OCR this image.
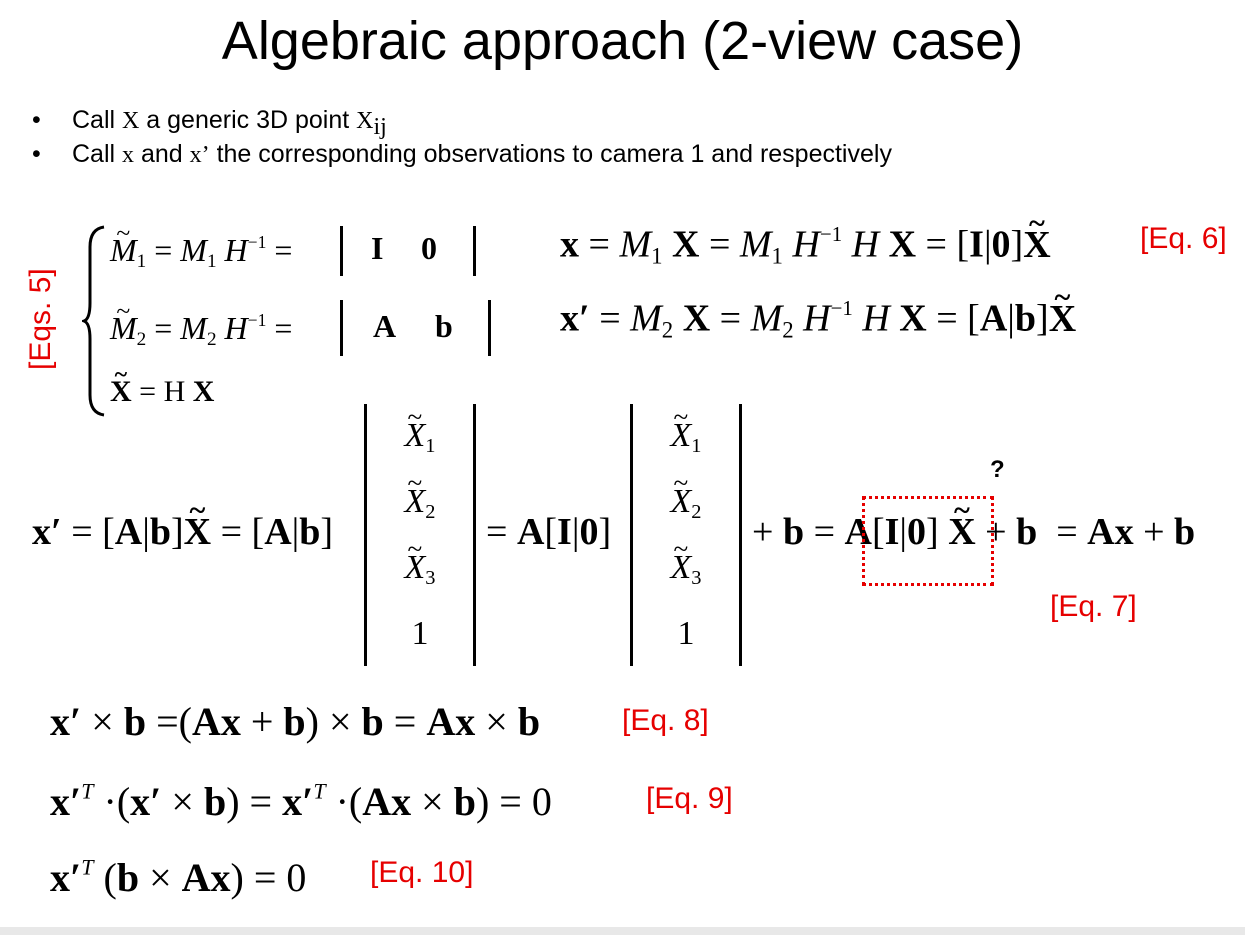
Algebraic approach (2-view case)
• Call X a generic 3D point $X_{ij}$
• Call x and x’ the corresponding observations to camera 1 and respectively
[Eqs. 5]
~ $M_1 = M_1$ $H^{-1} = I$ 0
~ $M_2 = M_2$ $H^{-1}$ =	A b
~ X = H X
$x = M_1$ $X = M_1$ $H^{-1}$ H X = [I|0]~ X	[Eq. 6]
$x' = M_2$ $X = M_2$ $H^{-1}$ H X = [A|b]~ X
x′ = [A|b]~ X = [A|b]
~ $X_1$
~ $X_2$
~ $X_3$
1
= A[I|0]
~ $X_1$
~ $X_2$
~ $X_3$
1
+ b = A[I|0] ~ X + b  = Ax + b
?
[Eq. 7]
x′ × b =(Ax + b) × b = Ax × b	[Eq. 8]
$x'^T \cdot(x' \times b) = x'^T \cdot(Ax \times b) = 0$	[Eq. 9]
$x'^T$ (b × Ax) = 0 [Eq. 10]
